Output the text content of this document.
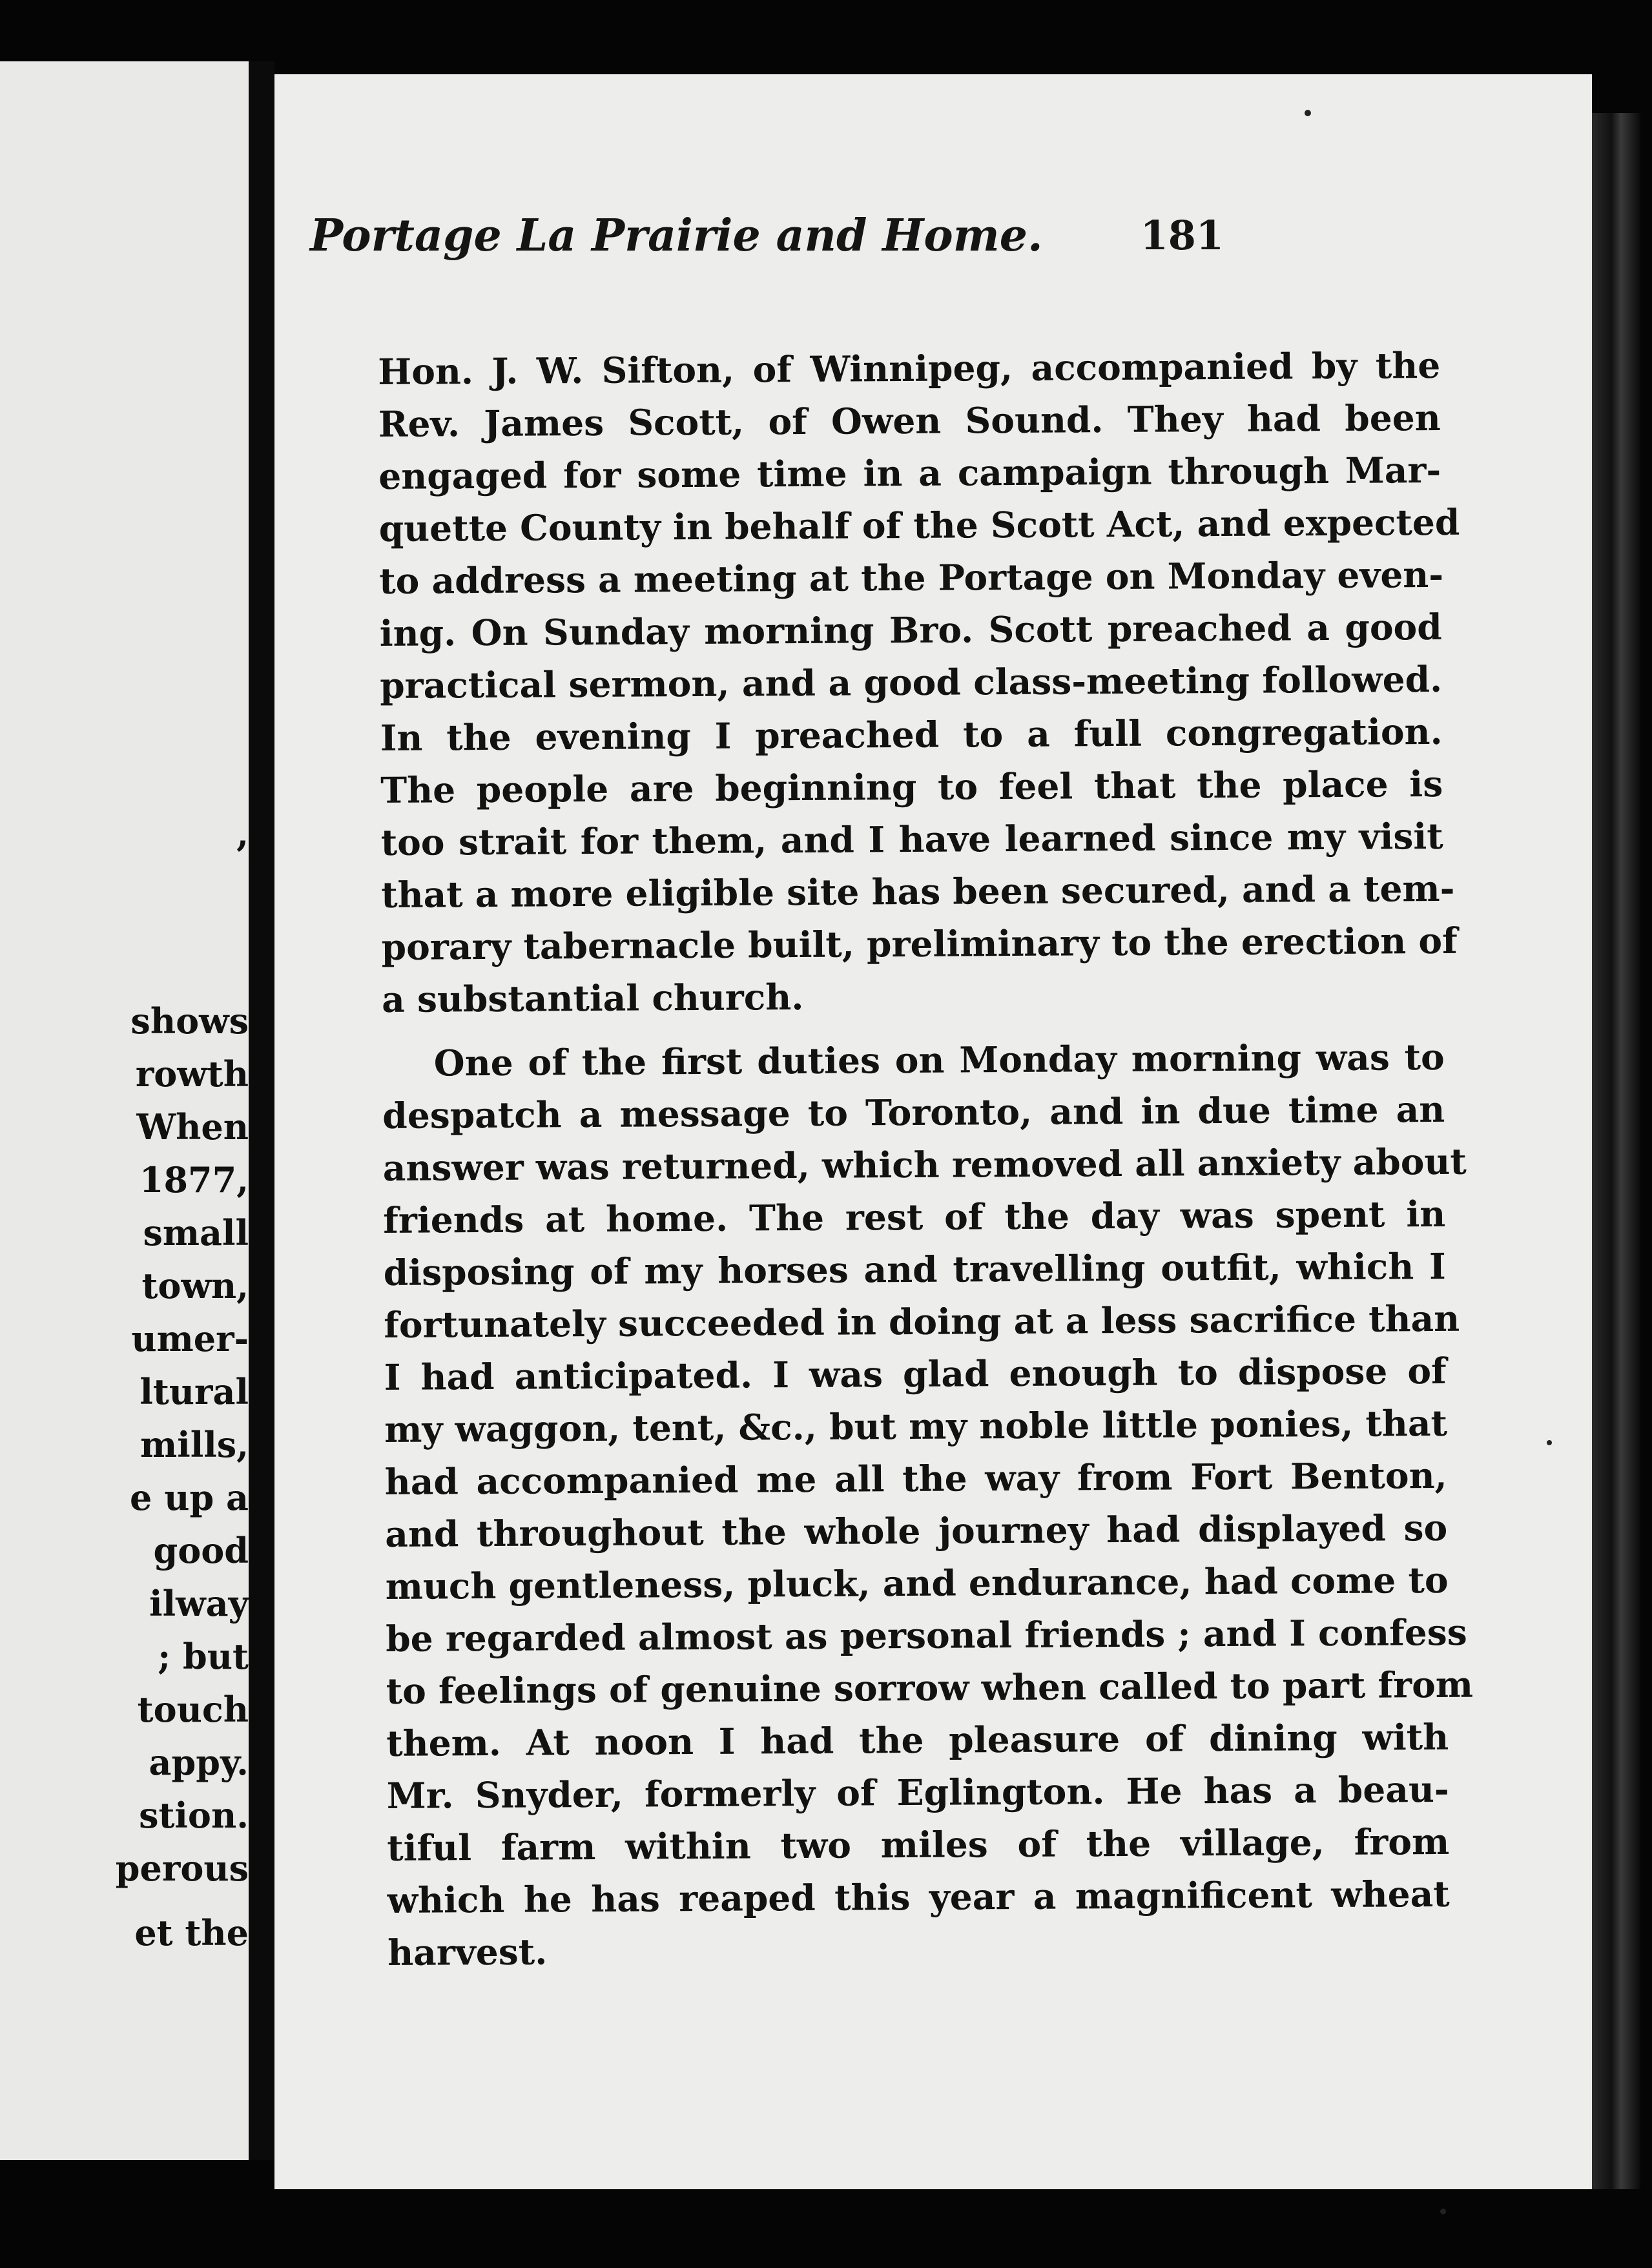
,
shows
rowth
When
1877,
small
town,
umer-
ltural
mills,
e up a
good
ilway
; but
touch
appy.
stion.
perous
et the
Portage La Prairie and Home.	181
Hon. J. W. Sifton, of Winnipeg, accompanied by the
Rev. James Scott, of Owen Sound. They had been
engaged for some time in a campaign through Mar-
quette County in behalf of the Scott Act, and expected
to address a meeting at the Portage on Monday even-
ing. On Sunday morning Bro. Scott preached a good
practical sermon, and a good class-meeting followed.
In the evening I preached to a full congregation.
The people are beginning to feel that the place is
too strait for them, and I have learned since my visit
that a more eligible site has been secured, and a tem-
porary tabernacle built, preliminary to the erection of
a substantial church.
One of the first duties on Monday morning was to
despatch a message to Toronto, and in due time an
answer was returned, which removed all anxiety about
friends at home. The rest of the day was spent in
disposing of my horses and travelling outfit, which I
fortunately succeeded in doing at a less sacrifice than
I had anticipated. I was glad enough to dispose of
my waggon, tent, &c., but my noble little ponies, that
had accompanied me all the way from Fort Benton,
and throughout the whole journey had displayed so
much gentleness, pluck, and endurance, had come to
be regarded almost as personal friends ; and I confess
to feelings of genuine sorrow when called to part from
them. At noon I had the pleasure of dining with
Mr. Snyder, formerly of Eglington. He has a beau-
tiful farm within two miles of the village, from
which he has reaped this year a magnificent wheat
harvest.
